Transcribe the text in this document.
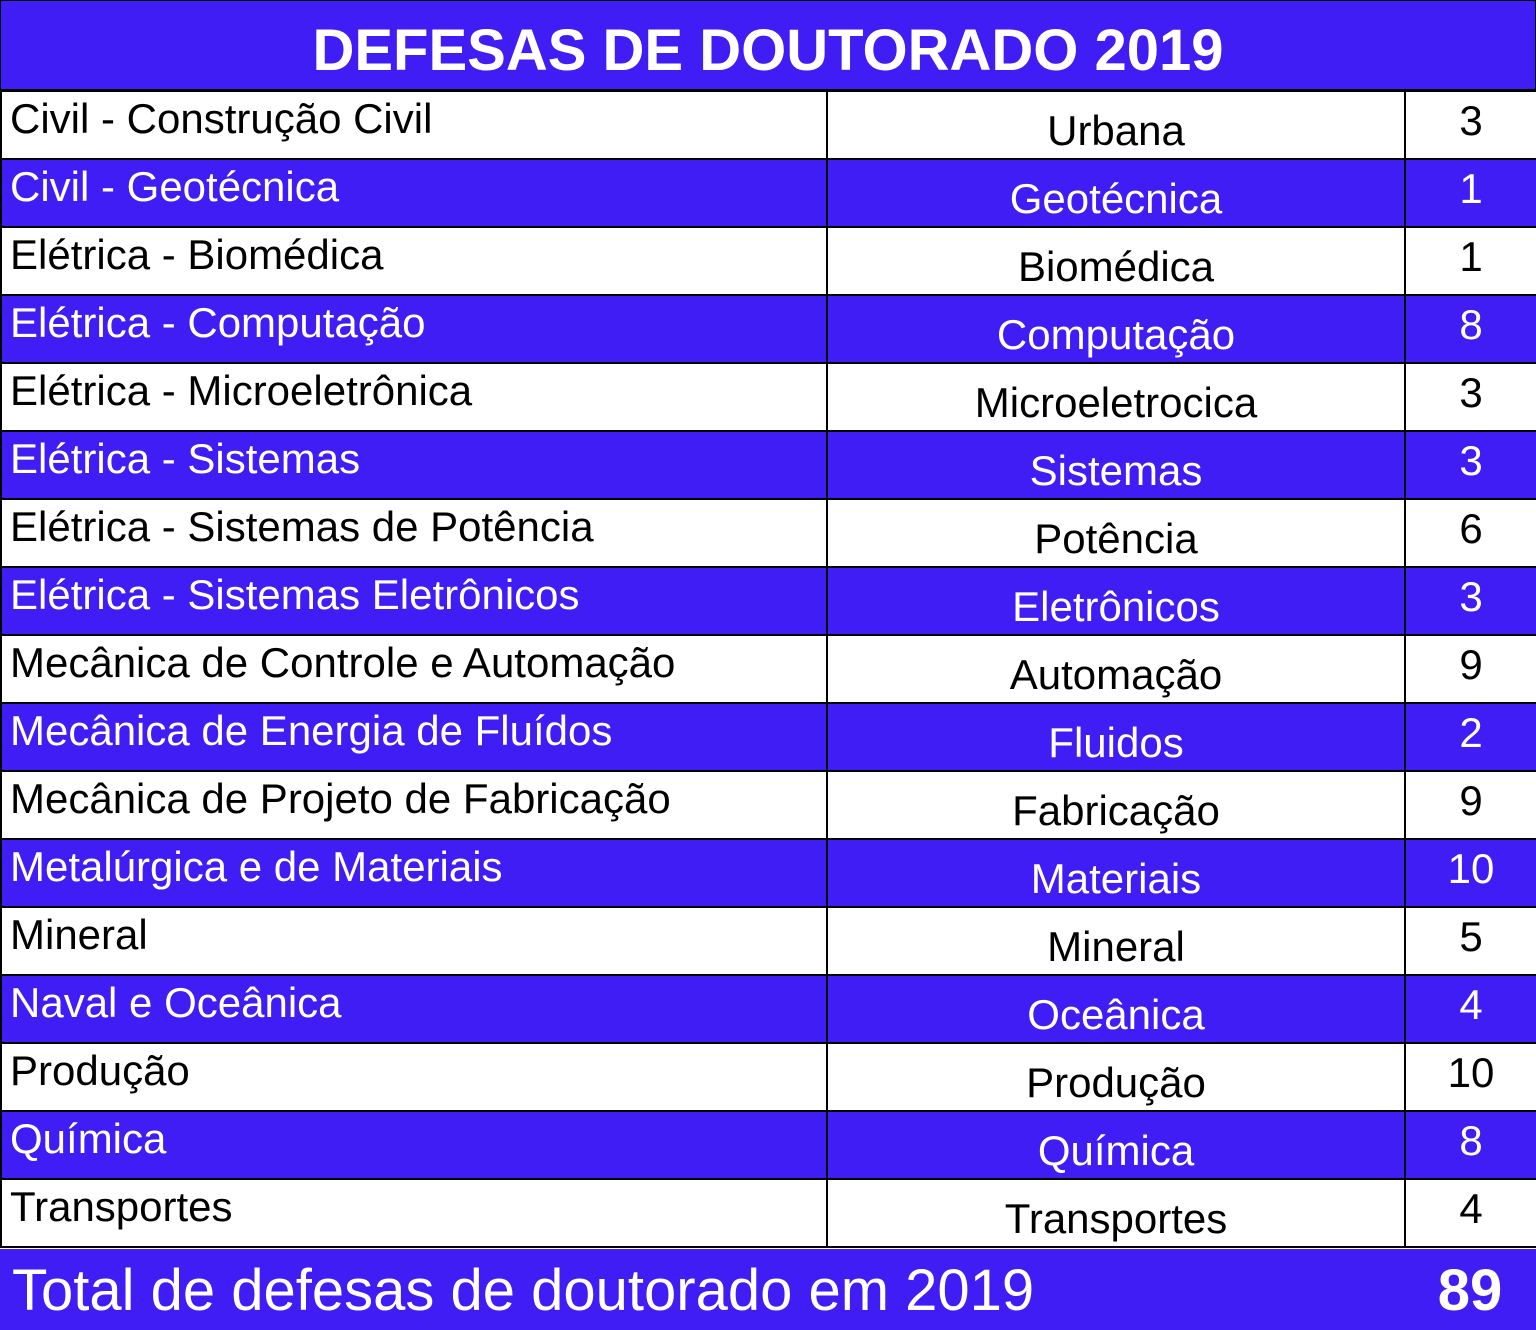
DEFESAS DE DOUTORADO 2019
Civil - Construção Civil	Urbana	3
Civil - Geotécnica	Geotécnica	1
Elétrica - Biomédica	Biomédica	1
Elétrica - Computação	Computação	8
Elétrica - Microeletrônica	Microeletrocica	3
Elétrica - Sistemas	Sistemas	3
Elétrica - Sistemas de Potência	Potência	6
Elétrica - Sistemas Eletrônicos	Eletrônicos	3
Mecânica de Controle e Automação	Automação	9
Mecânica de Energia de Fluídos	Fluidos	2
Mecânica de Projeto de Fabricação	Fabricação	9
Metalúrgica e de Materiais	Materiais	10
Mineral	Mineral	5
Naval e Oceânica	Oceânica	4
Produção	Produção	10
Química	Química	8
Transportes	Transportes	4
Total de defesas de doutorado em 2019	89
